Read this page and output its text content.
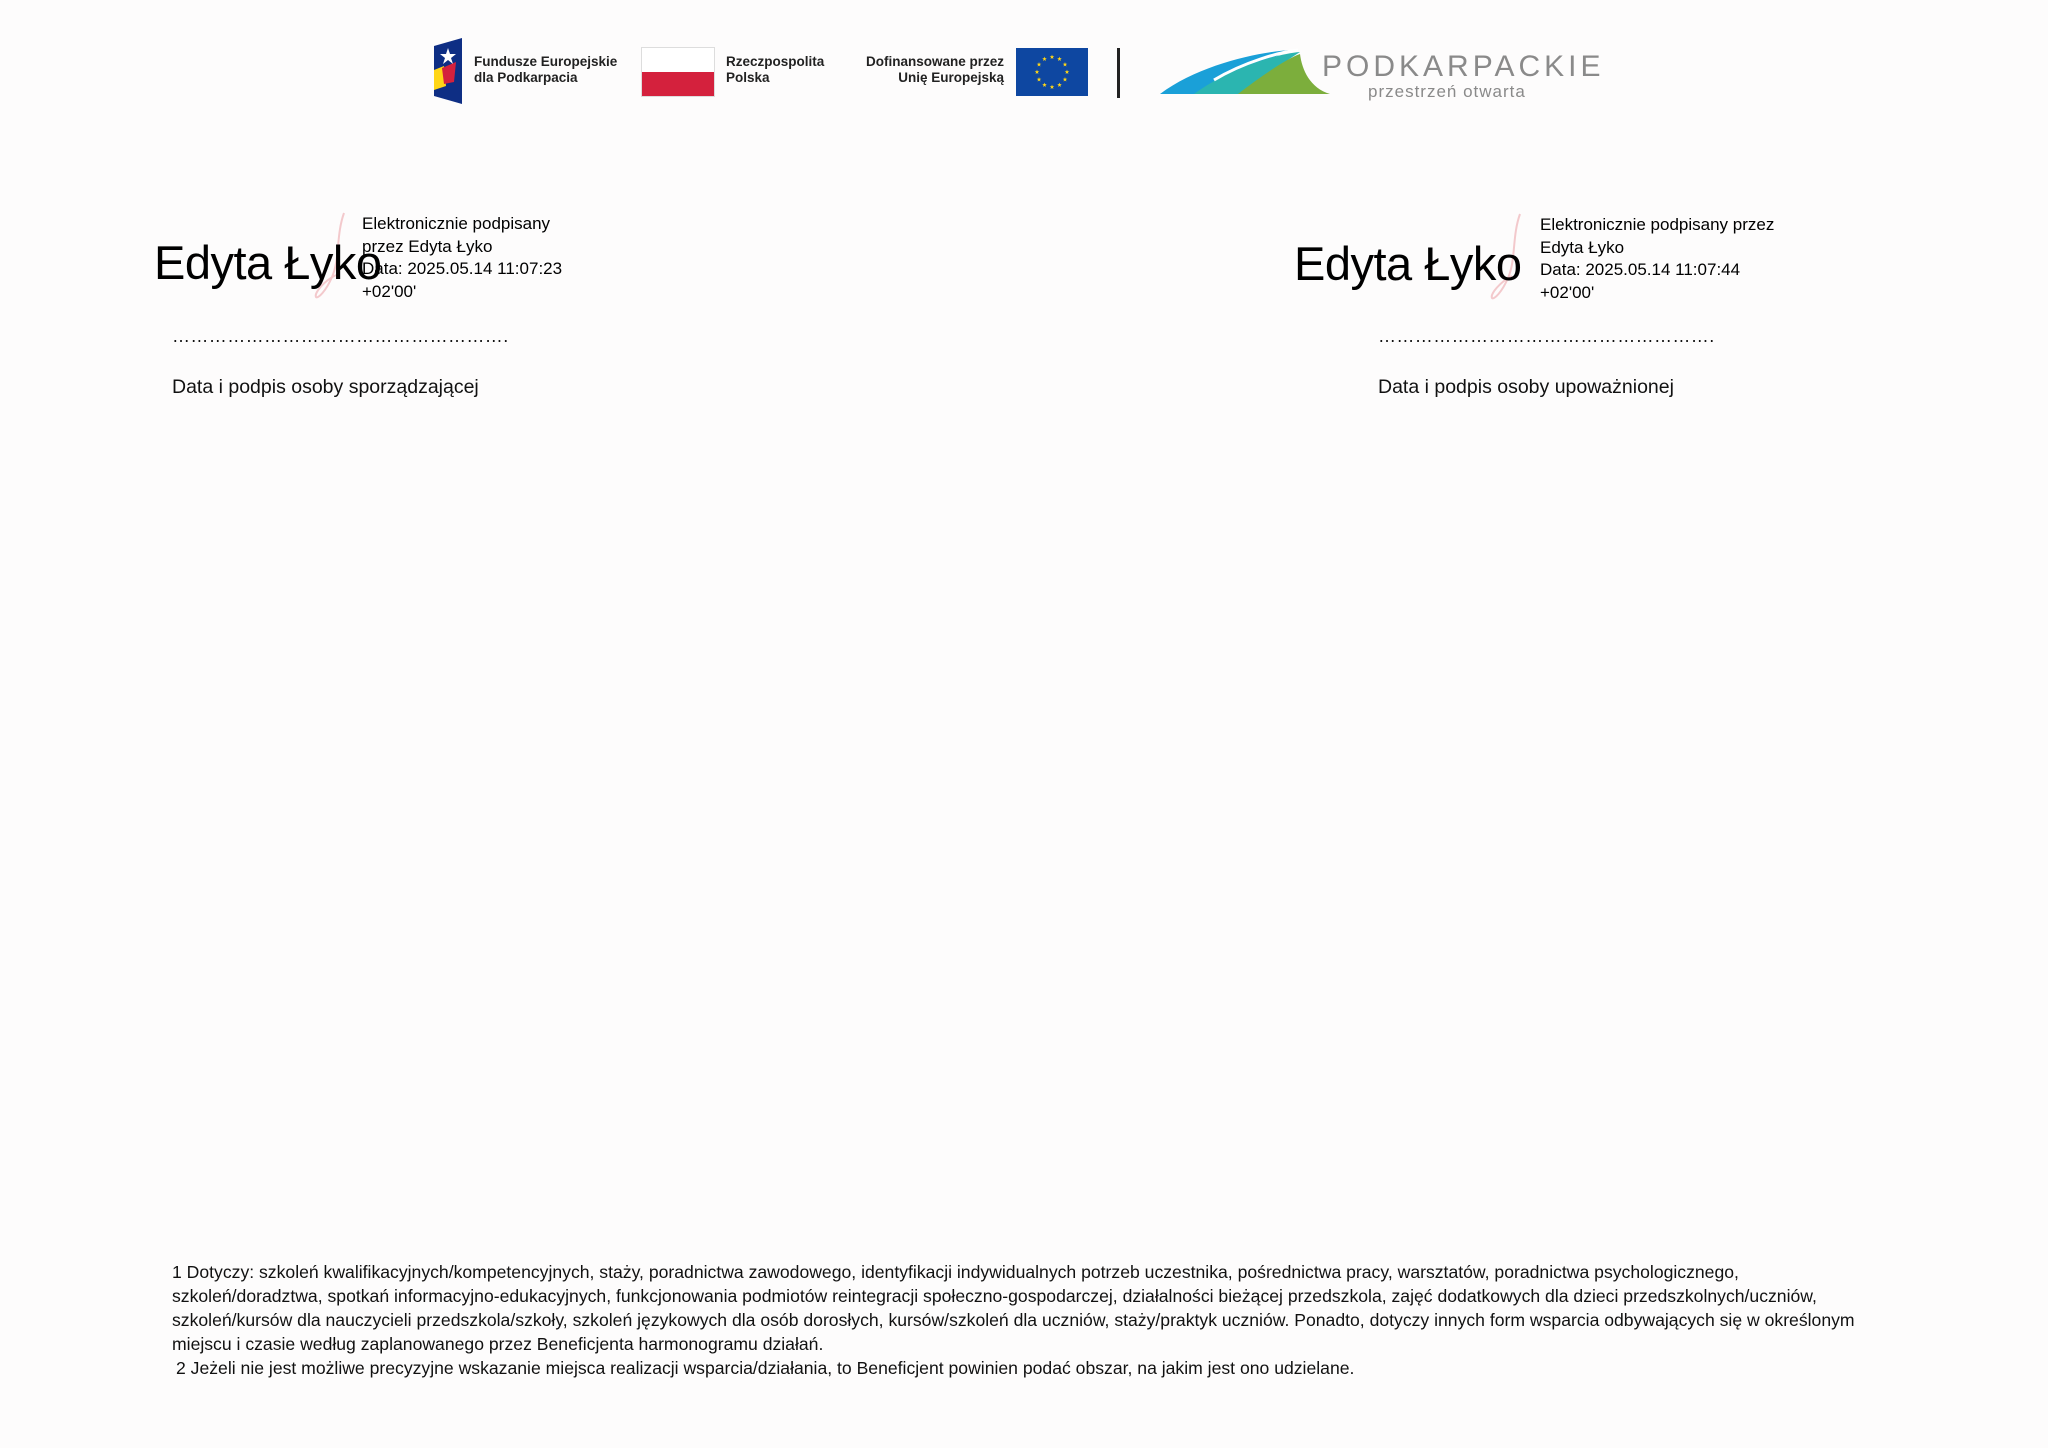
Fundusze Europejskie
dla Podkarpacia
Rzeczpospolita
Polska
Dofinansowane przez
Unię Europejską	PODKARPACKIE
przestrzeń otwarta
Edyta Łyko
Elektronicznie podpisany
przez Edyta Łyko
Data: 2025.05.14 11:07:23
+02'00'
……………………………………………….
Data i podpis osoby sporządzającej
Edyta Łyko
Elektronicznie podpisany przez
Edyta Łyko
Data: 2025.05.14 11:07:44
+02'00'
……………………………………………….
Data i podpis osoby upoważnionej

1 Dotyczy: szkoleń kwalifikacyjnych/kompetencyjnych, staży, poradnictwa zawodowego, identyfikacji indywidualnych potrzeb uczestnika, pośrednictwa pracy, warsztatów, poradnictwa psychologicznego, szkoleń/doradztwa, spotkań informacyjno-edukacyjnych, funkcjonowania podmiotów reintegracji społeczno-gospodarczej, działalności bieżącej przedszkola, zajęć dodatkowych dla dzieci przedszkolnych/uczniów, szkoleń/kursów dla nauczycieli przedszkola/szkoły, szkoleń językowych dla osób dorosłych, kursów/szkoleń dla uczniów, staży/praktyk uczniów. Ponadto, dotyczy innych form wsparcia odbywających się w określonym miejscu i czasie według zaplanowanego przez Beneficjenta harmonogramu działań.

2 Jeżeli nie jest możliwe precyzyjne wskazanie miejsca realizacji wsparcia/działania, to Beneficjent powinien podać obszar, na jakim jest ono udzielane.
